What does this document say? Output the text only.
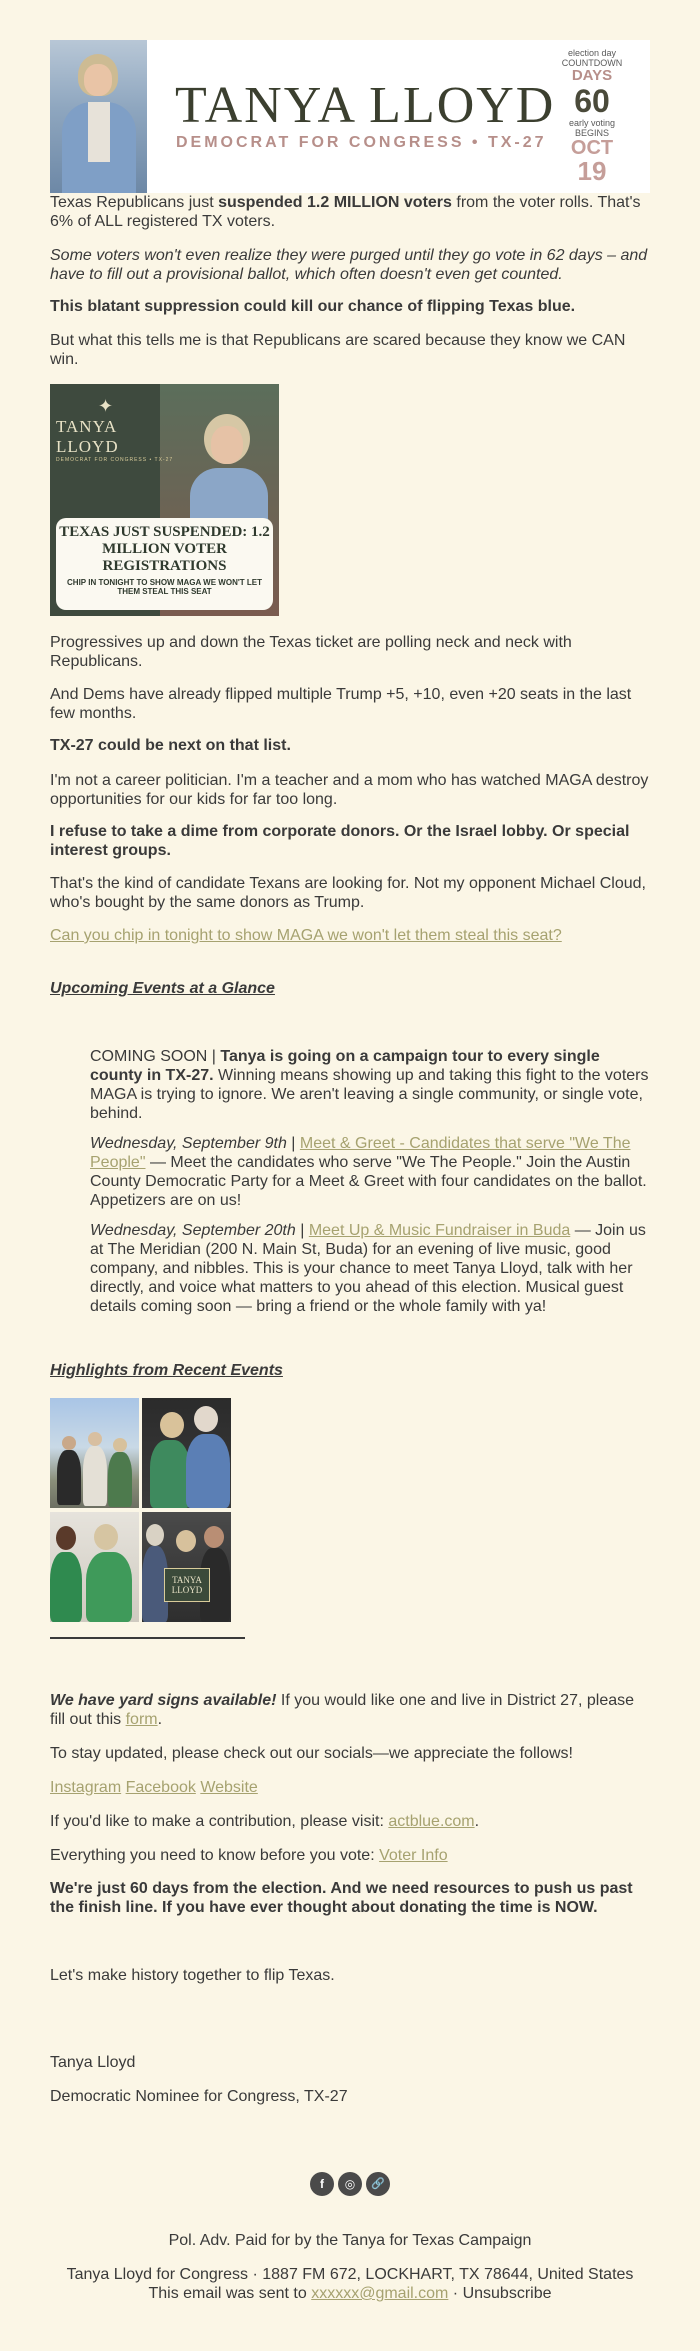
TANYA LLOYD
DEMOCRAT FOR CONGRESS • TX-27
election day
COUNTDOWN
DAYS
60
early voting
BEGINS
OCT
19

Texas Republicans just suspended 1.2 MILLION voters from the voter rolls. That's 6% of ALL registered TX voters.

Some voters won't even realize they were purged until they go vote in 62 days – and have to fill out a provisional ballot, which often doesn't even get counted.

This blatant suppression could kill our chance of flipping Texas blue.

But what this tells me is that Republicans are scared because they know we CAN win.

✦
TANYA LLOYD
DEMOCRAT FOR CONGRESS • TX-27
TEXAS JUST SUSPENDED: 1.2 MILLION VOTER REGISTRATIONS
CHIP IN TONIGHT TO SHOW MAGA WE WON'T LET THEM STEAL THIS SEAT

Progressives up and down the Texas ticket are polling neck and neck with Republicans.

And Dems have already flipped multiple Trump +5, +10, even +20 seats in the last few months.

TX-27 could be next on that list.

I'm not a career politician. I'm a teacher and a mom who has watched MAGA destroy opportunities for our kids for far too long.

I refuse to take a dime from corporate donors. Or the Israel lobby. Or special interest groups.

That's the kind of candidate Texans are looking for. Not my opponent Michael Cloud, who's bought by the same donors as Trump.

Can you chip in tonight to show MAGA we won't let them steal this seat?

Upcoming Events at a Glance

COMING SOON | Tanya is going on a campaign tour to every single county in TX-27. Winning means showing up and taking this fight to the voters MAGA is trying to ignore. We aren't leaving a single community, or single vote, behind.

Wednesday, September 9th | Meet & Greet - Candidates that serve "We The People" — Meet the candidates who serve "We The People." Join the Austin County Democratic Party for a Meet & Greet with four candidates on the ballot. Appetizers are on us!

Wednesday, September 20th | Meet Up & Music Fundraiser in Buda — Join us at The Meridian (200 N. Main St, Buda) for an evening of live music, good company, and nibbles. This is your chance to meet Tanya Lloyd, talk with her directly, and voice what matters to you ahead of this election. Musical guest details coming soon — bring a friend or the whole family with ya!

Highlights from Recent Events

TANYA LLOYD

We have yard signs available! If you would like one and live in District 27, please fill out this form.

To stay updated, please check out our socials—we appreciate the follows!

Instagram Facebook Website

If you'd like to make a contribution, please visit: actblue.com.

Everything you need to know before you vote: Voter Info

We're just 60 days from the election. And we need resources to push us past the finish line. If you have ever thought about donating the time is NOW.

Let's make history together to flip Texas.

Tanya Lloyd

Democratic Nominee for Congress, TX-27

f	◎	🔗
Pol. Adv. Paid for by the Tanya for Texas Campaign
Tanya Lloyd for Congress · 1887 FM 672, LOCKHART, TX 78644, United States
This email was sent to xxxxxx@gmail.com · Unsubscribe
